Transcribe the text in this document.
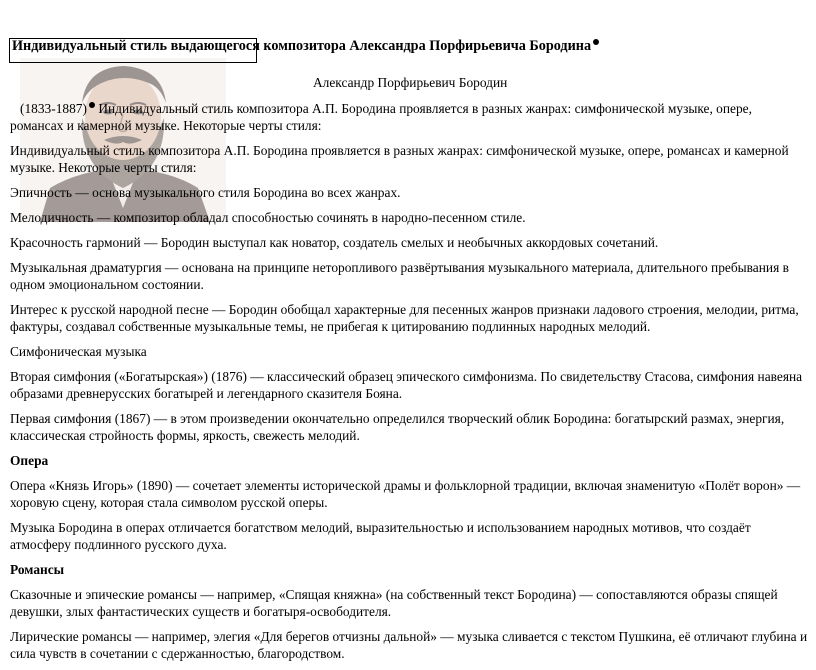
Индивидуальный стиль выдающегося композитора Александра Порфирьевича Бородина
Александр Порфирьевич Бородин

(1833-1887) Индивидуальный стиль композитора А.П. Бородина проявляется в разных жанрах: симфонической музыке, опере, романсах и камерной музыке. Некоторые черты стиля:

Индивидуальный стиль композитора А.П. Бородина проявляется в разных жанрах: симфонической музыке, опере, романсах и камерной музыке. Некоторые черты стиля:

Эпичность — основа музыкального стиля Бородина во всех жанрах.

Мелодичность — композитор обладал способностью сочинять в народно-песенном стиле.

Красочность гармоний — Бородин выступал как новатор, создатель смелых и необычных аккордовых сочетаний.

Музыкальная драматургия — основана на принципе неторопливого развёртывания музыкального материала, длительного пребывания в одном эмоциональном состоянии.

Интерес к русской народной песне — Бородин обобщал характерные для песенных жанров признаки ладового строения, мелодии, ритма, фактуры, создавал собственные музыкальные темы, не прибегая к цитированию подлинных народных мелодий.

Симфоническая музыка

Вторая симфония («Богатырская») (1876) — классический образец эпического симфонизма. По свидетельству Стасова, симфония навеяна образами древнерусских богатырей и легендарного сказителя Бояна.

Первая симфония (1867) — в этом произведении окончательно определился творческий облик Бородина: богатырский размах, энергия, классическая стройность формы, яркость, свежесть мелодий.

Опера

Опера «Князь Игорь» (1890) — сочетает элементы исторической драмы и фольклорной традиции, включая знаменитую «Полёт ворон» — хоровую сцену, которая стала символом русской оперы.

Музыка Бородина в операх отличается богатством мелодий, выразительностью и использованием народных мотивов, что создаёт атмосферу подлинного русского духа.

Романсы

Сказочные и эпические романсы — например, «Спящая княжна» (на собственный текст Бородина) — сопоставляются образы спящей девушки, злых фантастических существ и богатыря-освободителя.

Лирические романсы — например, элегия «Для берегов отчизны дальной» — музыка сливается с текстом Пушкина, её отличают глубина и сила чувств в сочетании с сдержанностью, благородством.
